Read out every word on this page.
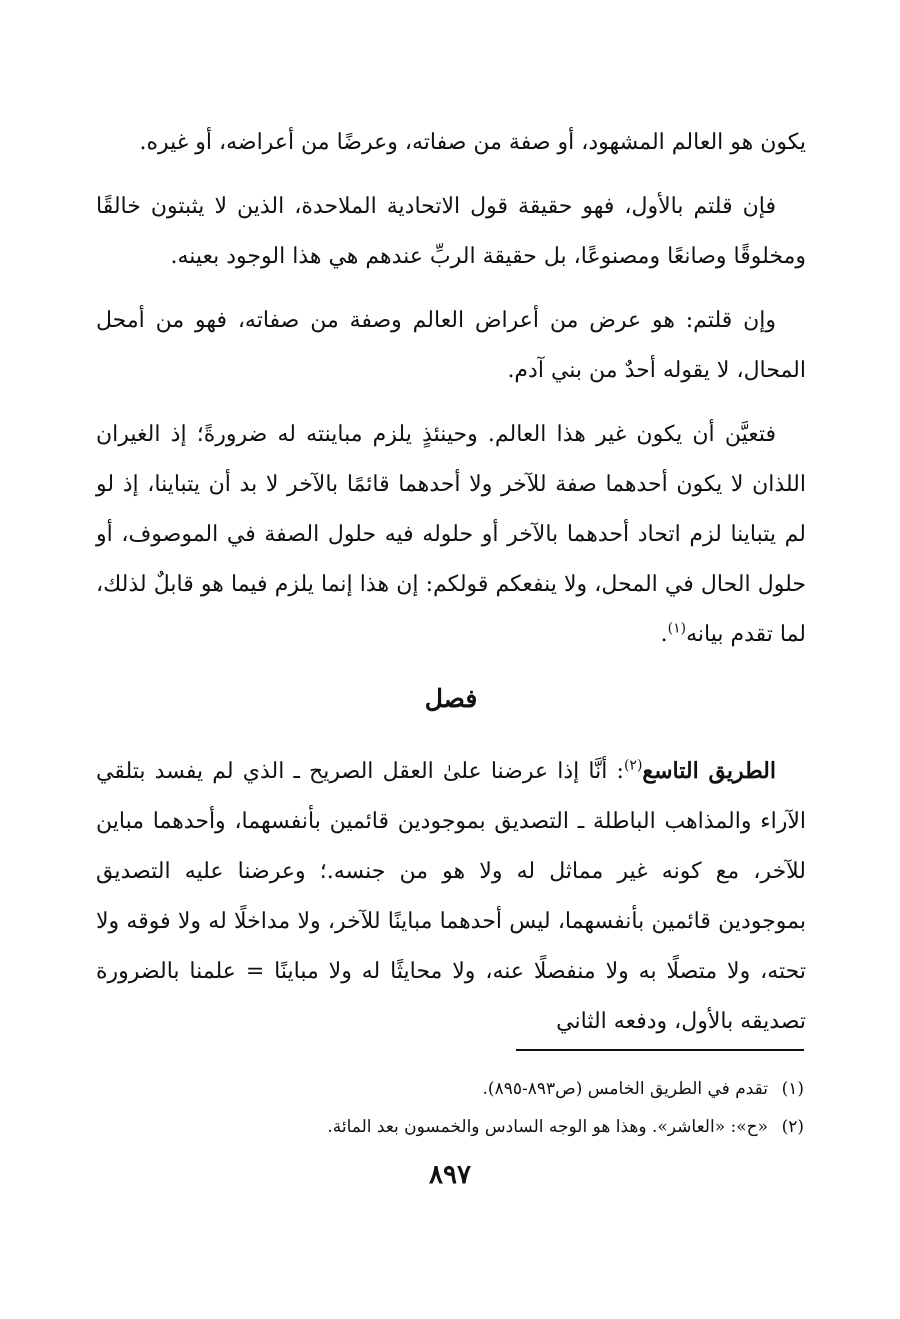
يكون هو العالم المشهود، أو صفة من صفاته، وعرضًا من أعراضه، أو غيره.

فإن قلتم بالأول، فهو حقيقة قول الاتحادية الملاحدة، الذين لا يثبتون خالقًا ومخلوقًا وصانعًا ومصنوعًا، بل حقيقة الربِّ عندهم هي هذا الوجود بعينه.

وإن قلتم: هو عرض من أعراض العالم وصفة من صفاته، فهو من أمحل المحال، لا يقوله أحدٌ من بني آدم.

فتعيَّن أن يكون غير هذا العالم. وحينئذٍ يلزم مباينته له ضرورةً؛ إذ الغيران اللذان لا يكون أحدهما صفة للآخر ولا أحدهما قائمًا بالآخر لا بد أن يتباينا، إذ لو لم يتباينا لزم اتحاد أحدهما بالآخر أو حلوله فيه حلول الصفة في الموصوف، أو حلول الحال في المحل، ولا ينفعكم قولكم: إن هذا إنما يلزم فيما هو قابلٌ لذلك، لما تقدم بيانه$^{(١)}$.

فصل

الطريق التاسع$^{(٢)}$: أنَّا إذا عرضنا علىٰ العقل الصريح ـ الذي لم يفسد بتلقي الآراء والمذاهب الباطلة ـ التصديق بموجودين قائمين بأنفسهما، وأحدهما مباين للآخر، مع كونه غير مماثل له ولا هو من جنسه.؛ وعرضنا عليه التصديق بموجودين قائمين بأنفسهما، ليس أحدهما مباينًا للآخر، ولا مداخلًا له ولا فوقه ولا تحته، ولا متصلًا به ولا منفصلًا عنه، ولا محايثًا له ولا مباينًا = علمنا بالضرورة تصديقه بالأول، ودفعه الثاني

(١)تقدم في الطريق الخامس (ص٨٩٣-٨٩٥).
(٢)«ح»: «العاشر». وهذا هو الوجه السادس والخمسون بعد المائة.
٨٩٧
